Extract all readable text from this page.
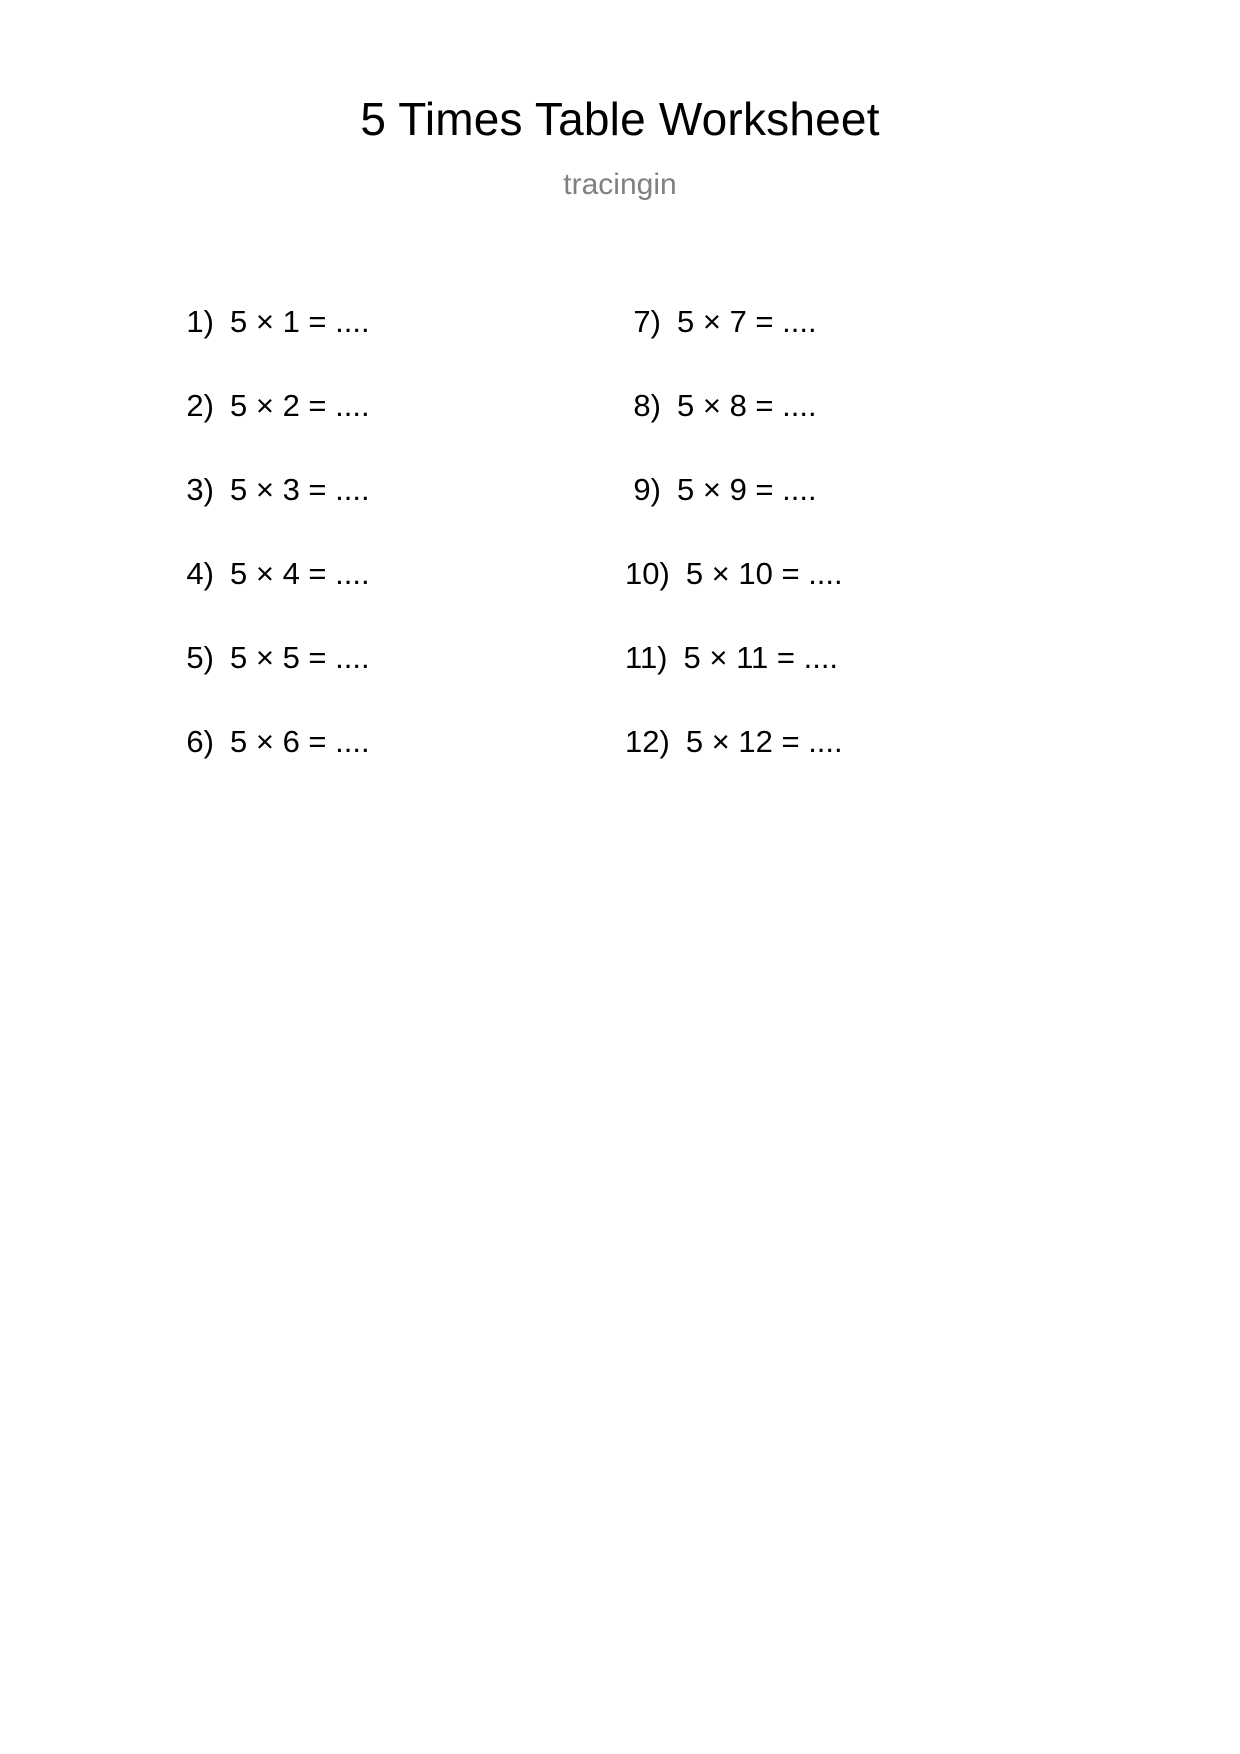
5 Times Table Worksheet
tracingin
1) 5 × 1 = ....
2) 5 × 2 = ....
3) 5 × 3 = ....
4) 5 × 4 = ....
5) 5 × 5 = ....
6) 5 × 6 = ....
7) 5 × 7 = ....
8) 5 × 8 = ....
9) 5 × 9 = ....
10) 5 × 10 = ....
11) 5 × 11 = ....
12) 5 × 12 = ....
